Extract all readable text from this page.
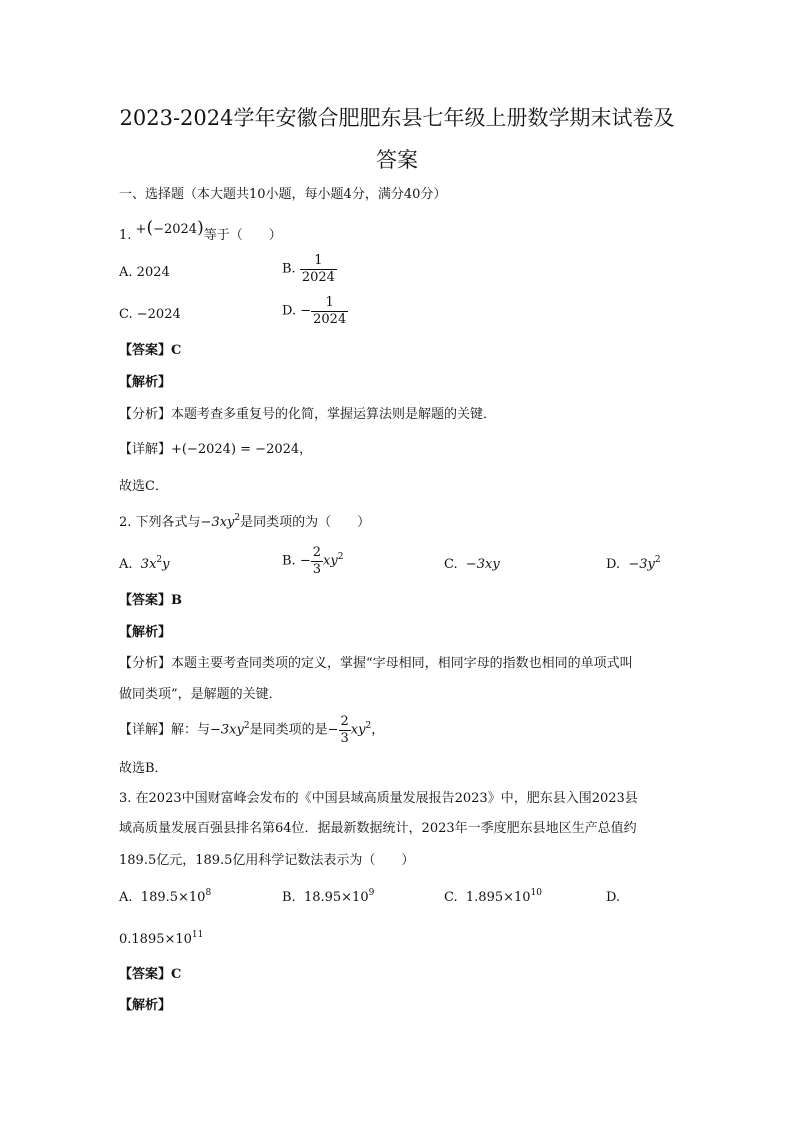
2023-2024学年安徽合肥肥东县七年级上册数学期末试卷及
答案
一、选择题（本大题共10小题，每小题4分，满分40分）
1. +(−2024)等于（　　）
A. 2024	B. $\frac{1}{2024}$
C. −2024	D. − $\frac{1}{2024}$
【答案】C
【解析】
【分析】本题考查多重复号的化简，掌握运算法则是解题的关键．
【详解】+(−2024) = −2024，
故选C．
2. 下列各式与$-3xy^2$是同类项的为（　　）
A. $3x^2y$	B. − $\frac{2}{3} xy^2$	C. −3xy	D. $-3y^2$
【答案】B
【解析】
【分析】本题主要考查同类项的定义，掌握“字母相同，相同字母的指数也相同的单项式叫
做同类项”，是解题的关键．
【详解】解：与$-3xy^2$是同类项的是− $\frac{2}{3} xy^2$，
故选B．
3. 在2023中国财富峰会发布的《中国县域高质量发展报告2023》中，肥东县入围2023县
域高质量发展百强县排名第64位．据最新数据统计，2023年一季度肥东县地区生产总值约
189.5亿元，189.5亿用科学记数法表示为（　　）
A. $189.5\times 10^8$	B. $18.95\times 10^9$	C. $1.895\times 10^{10}$	D.
$0.1895\times 10^{11}$
【答案】C
【解析】
